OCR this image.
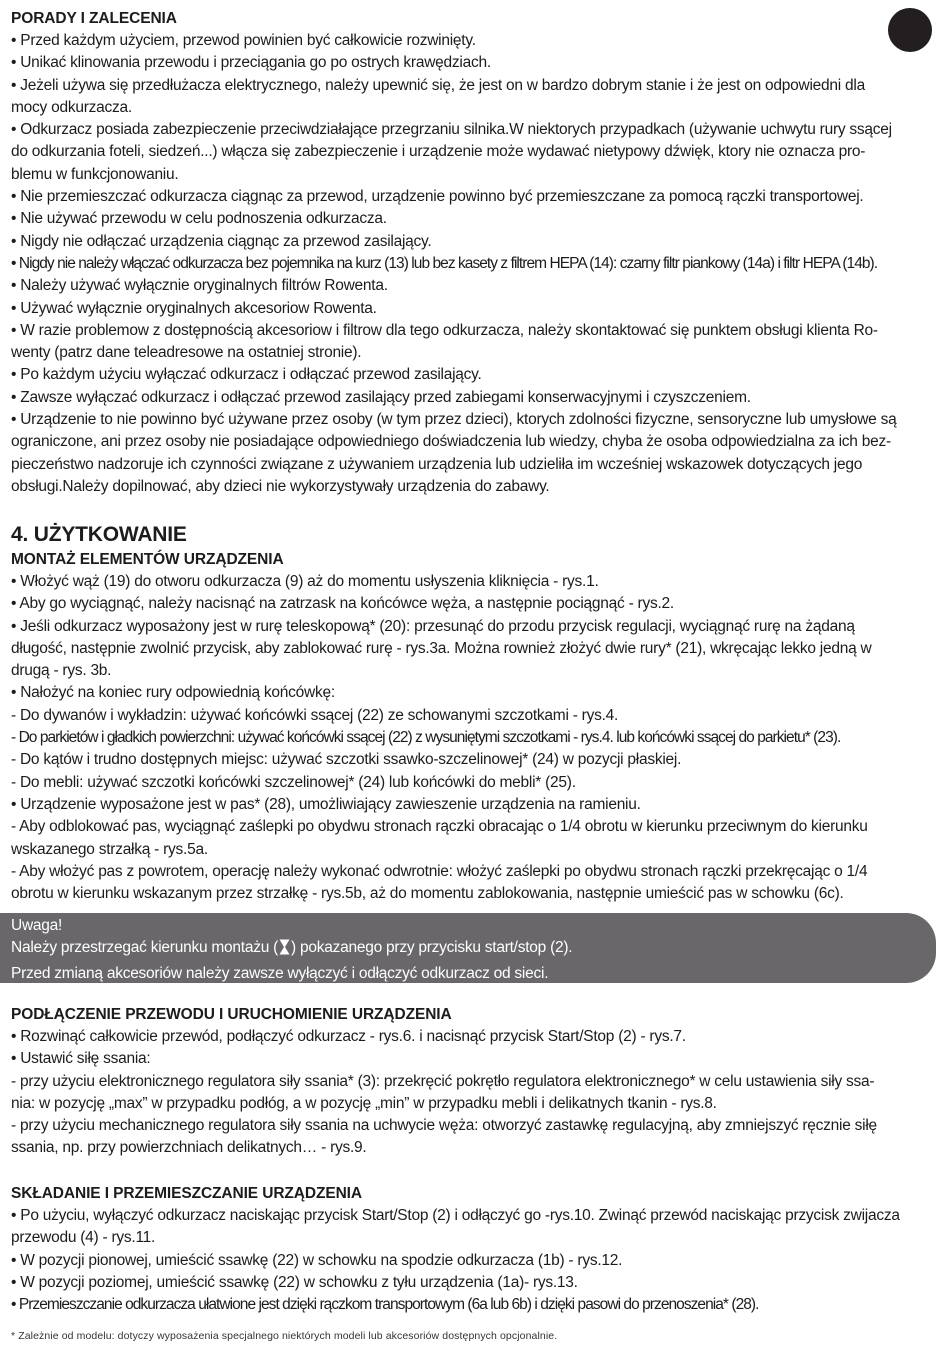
PORADY I ZALECENIA
• Przed każdym użyciem, przewod powinien być całkowicie rozwinięty.
• Unikać klinowania przewodu i przeciągania go po ostrych krawędziach.
• Jeżeli używa się przedłużacza elektrycznego, należy upewnić się, że jest on w bardzo dobrym stanie i że jest on odpowiedni dla
mocy odkurzacza.
• Odkurzacz posiada zabezpieczenie przeciwdziałające przegrzaniu silnika.W niektorych przypadkach (używanie uchwytu rury ssącej
do odkurzania foteli, siedzeń...) włącza się zabezpieczenie i urządzenie może wydawać nietypowy dźwięk, ktory nie oznacza pro-
blemu w funkcjonowaniu.
• Nie przemieszczać odkurzacza ciągnąc za przewod, urządzenie powinno być przemieszczane za pomocą rączki transportowej.
• Nie używać przewodu w celu podnoszenia odkurzacza.
• Nigdy nie odłączać urządzenia ciągnąc za przewod zasilający.
• Nigdy nie należy włączać odkurzacza bez pojemnika na kurz (13) lub bez kasety z filtrem HEPA (14): czarny filtr piankowy (14a) i filtr HEPA (14b).
• Należy używać wyłącznie oryginalnych filtrów Rowenta.
• Używać wyłącznie oryginalnych akcesoriow Rowenta.
• W razie problemow z dostępnością akcesoriow i filtrow dla tego odkurzacza, należy skontaktować się punktem obsługi klienta Ro-
wenty (patrz dane teleadresowe na ostatniej stronie).
• Po każdym użyciu wyłączać odkurzacz i odłączać przewod zasilający.
• Zawsze wyłączać odkurzacz i odłączać przewod zasilający przed zabiegami konserwacyjnymi i czyszczeniem.
• Urządzenie to nie powinno być używane przez osoby (w tym przez dzieci), ktorych zdolności fizyczne, sensoryczne lub umysłowe są
ograniczone, ani przez osoby nie posiadające odpowiedniego doświadczenia lub wiedzy, chyba że osoba odpowiedzialna za ich bez-
pieczeństwo nadzoruje ich czynności związane z używaniem urządzenia lub udzieliła im wcześniej wskazowek dotyczących jego
obsługi.Należy dopilnować, aby dzieci nie wykorzystywały urządzenia do zabawy.
4. UŻYTKOWANIE
MONTAŻ ELEMENTÓW URZĄDZENIA
• Włożyć wąż (19) do otworu odkurzacza (9) aż do momentu usłyszenia kliknięcia - rys.1.
• Aby go wyciągnąć, należy nacisnąć na zatrzask na końcówce węża, a następnie pociągnąć - rys.2.
• Jeśli odkurzacz wyposażony jest w rurę teleskopową* (20): przesunąć do przodu przycisk regulacji, wyciągnąć rurę na żądaną
długość, następnie zwolnić przycisk, aby zablokować rurę - rys.3a. Można rownież złożyć dwie rury* (21), wkręcając lekko jedną w
drugą - rys. 3b.
• Nałożyć na koniec rury odpowiednią końcówkę:
- Do dywanów i wykładzin: używać końcówki ssącej (22) ze schowanymi szczotkami - rys.4.
- Do parkietów i gładkich powierzchni: używać końcówki ssącej (22) z wysuniętymi szczotkami - rys.4. lub końcówki ssącej do parkietu* (23).
- Do kątów i trudno dostępnych miejsc: używać szczotki ssawko-szczelinowej* (24) w pozycji płaskiej.
- Do mebli: używać szczotki końcówki szczelinowej* (24) lub końcówki do mebli* (25).
• Urządzenie wyposażone jest w pas* (28), umożliwiający zawieszenie urządzenia na ramieniu.
- Aby odblokować pas, wyciągnąć zaślepki po obydwu stronach rączki obracając o 1/4 obrotu w kierunku przeciwnym do kierunku
wskazanego strzałką - rys.5a.
- Aby włożyć pas z powrotem, operację należy wykonać odwrotnie: włożyć zaślepki po obydwu stronach rączki przekręcając o 1/4
obrotu w kierunku wskazanym przez strzałkę - rys.5b, aż do momentu zablokowania, następnie umieścić pas w schowku (6c).
Uwaga!
Należy przestrzegać kierunku montażu ( ) pokazanego przy przycisku start/stop (2).
Przed zmianą akcesoriów należy zawsze wyłączyć i odłączyć odkurzacz od sieci.
PODŁĄCZENIE PRZEWODU I URUCHOMIENIE URZĄDZENIA
• Rozwinąć całkowicie przewód, podłączyć odkurzacz - rys.6. i nacisnąć przycisk Start/Stop (2) - rys.7.
• Ustawić siłę ssania:
- przy użyciu elektronicznego regulatora siły ssania* (3): przekręcić pokrętło regulatora elektronicznego* w celu ustawienia siły ssa-
nia: w pozycję „max” w przypadku podłóg, a w pozycję „min” w przypadku mebli i delikatnych tkanin - rys.8.
- przy użyciu mechanicznego regulatora siły ssania na uchwycie węża: otworzyć zastawkę regulacyjną, aby zmniejszyć ręcznie siłę
ssania, np. przy powierzchniach delikatnych… - rys.9.
SKŁADANIE I PRZEMIESZCZANIE URZĄDZENIA
• Po użyciu, wyłączyć odkurzacz naciskając przycisk Start/Stop (2) i odłączyć go -rys.10. Zwinąć przewód naciskając przycisk zwijacza
przewodu (4) - rys.11.
• W pozycji pionowej, umieścić ssawkę (22) w schowku na spodzie odkurzacza (1b) - rys.12.
• W pozycji poziomej, umieścić ssawkę (22) w schowku z tyłu urządzenia (1a)- rys.13.
• Przemieszczanie odkurzacza ułatwione jest dzięki rączkom transportowym (6a lub 6b) i dzięki pasowi do przenoszenia* (28).
* Zależnie od modelu: dotyczy wyposażenia specjalnego niektórych modeli lub akcesoriów dostępnych opcjonalnie.
